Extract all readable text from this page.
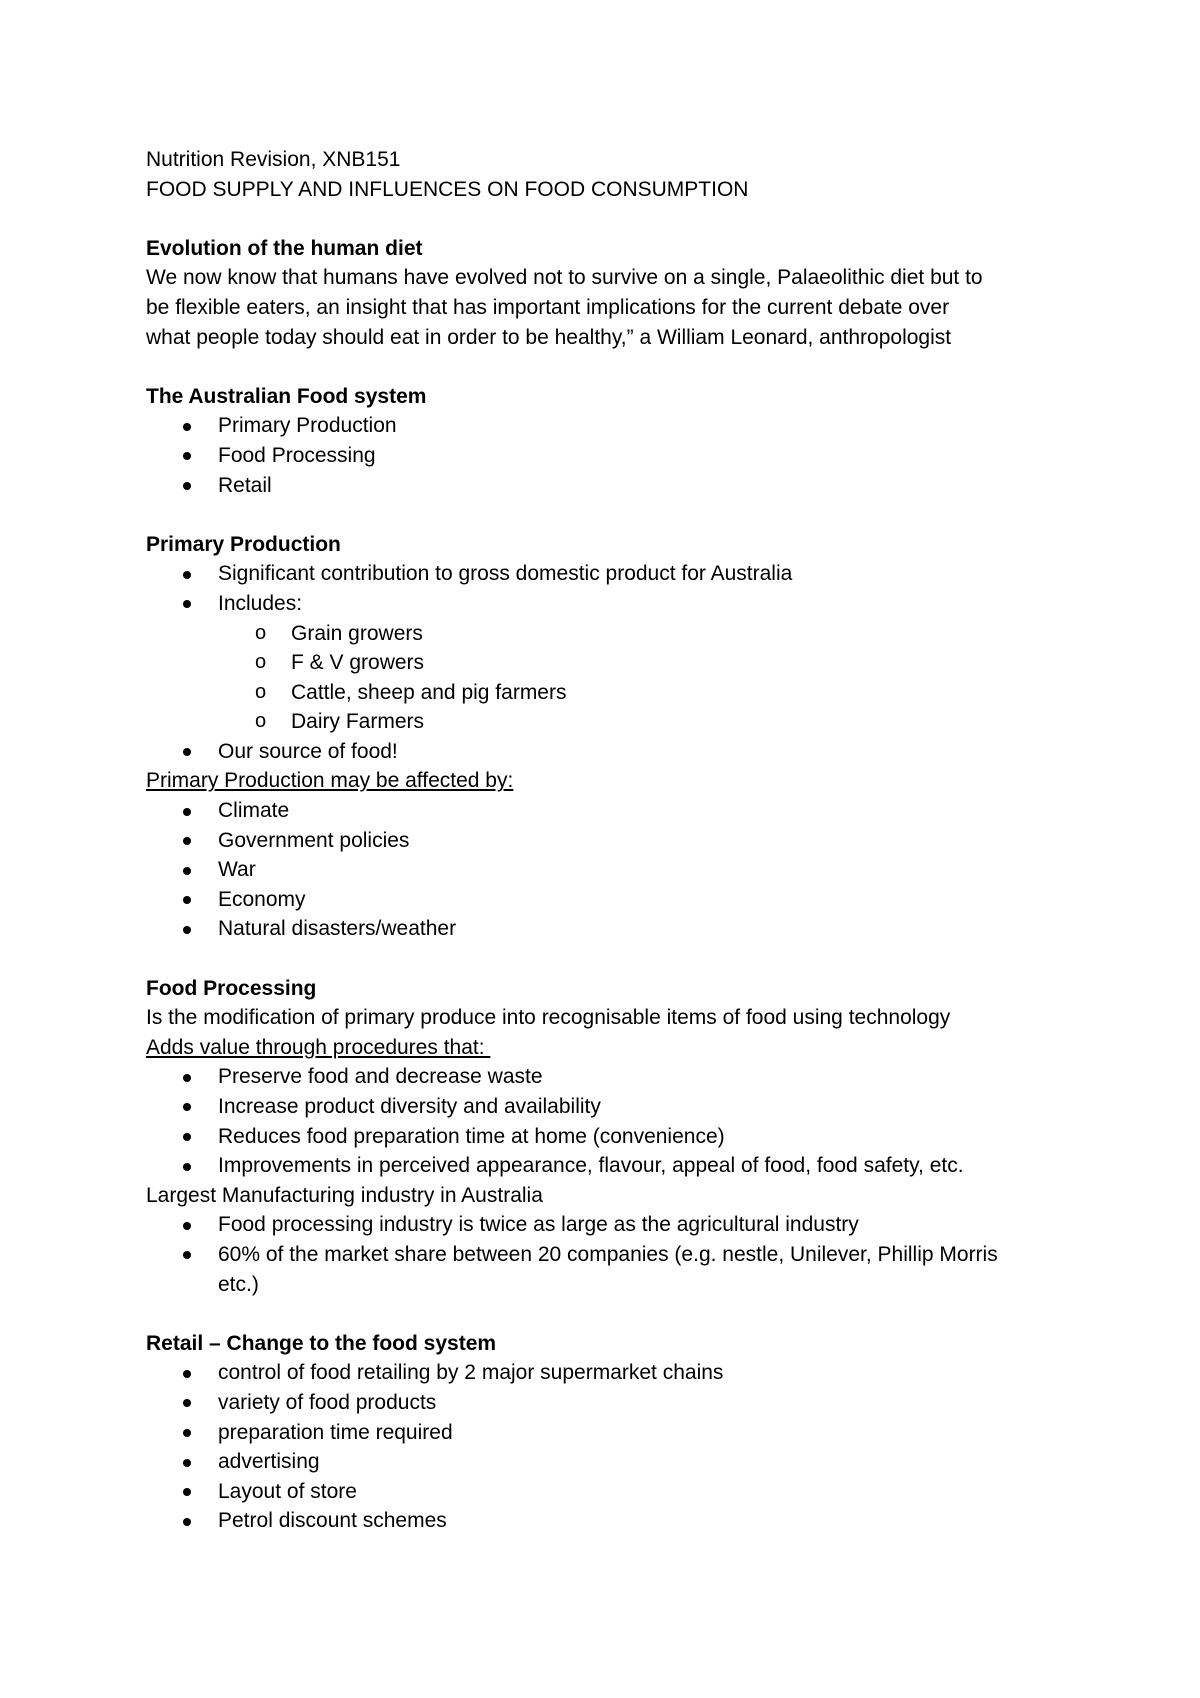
Nutrition Revision, XNB151
FOOD SUPPLY AND INFLUENCES ON FOOD CONSUMPTION
Evolution of the human diet
We now know that humans have evolved not to survive on a single, Palaeolithic diet but to
be flexible eaters, an insight that has important implications for the current debate over
what people today should eat in order to be healthy,” a William Leonard, anthropologist
The Australian Food system
Primary Production
Food Processing
Retail
Primary Production
Significant contribution to gross domestic product for Australia
Includes:
o Grain growers
o F & V growers
o Cattle, sheep and pig farmers
o Dairy Farmers
Our source of food!
Primary Production may be affected by:
Climate
Government policies
War
Economy
Natural disasters/weather
Food Processing
Is the modification of primary produce into recognisable items of food using technology
Adds value through procedures that:
Preserve food and decrease waste
Increase product diversity and availability
Reduces food preparation time at home (convenience)
Improvements in perceived appearance, flavour, appeal of food, food safety, etc.
Largest Manufacturing industry in Australia
Food processing industry is twice as large as the agricultural industry
60% of the market share between 20 companies (e.g. nestle, Unilever, Phillip Morris
etc.)
Retail – Change to the food system
control of food retailing by 2 major supermarket chains
variety of food products
preparation time required
advertising
Layout of store
Petrol discount schemes
